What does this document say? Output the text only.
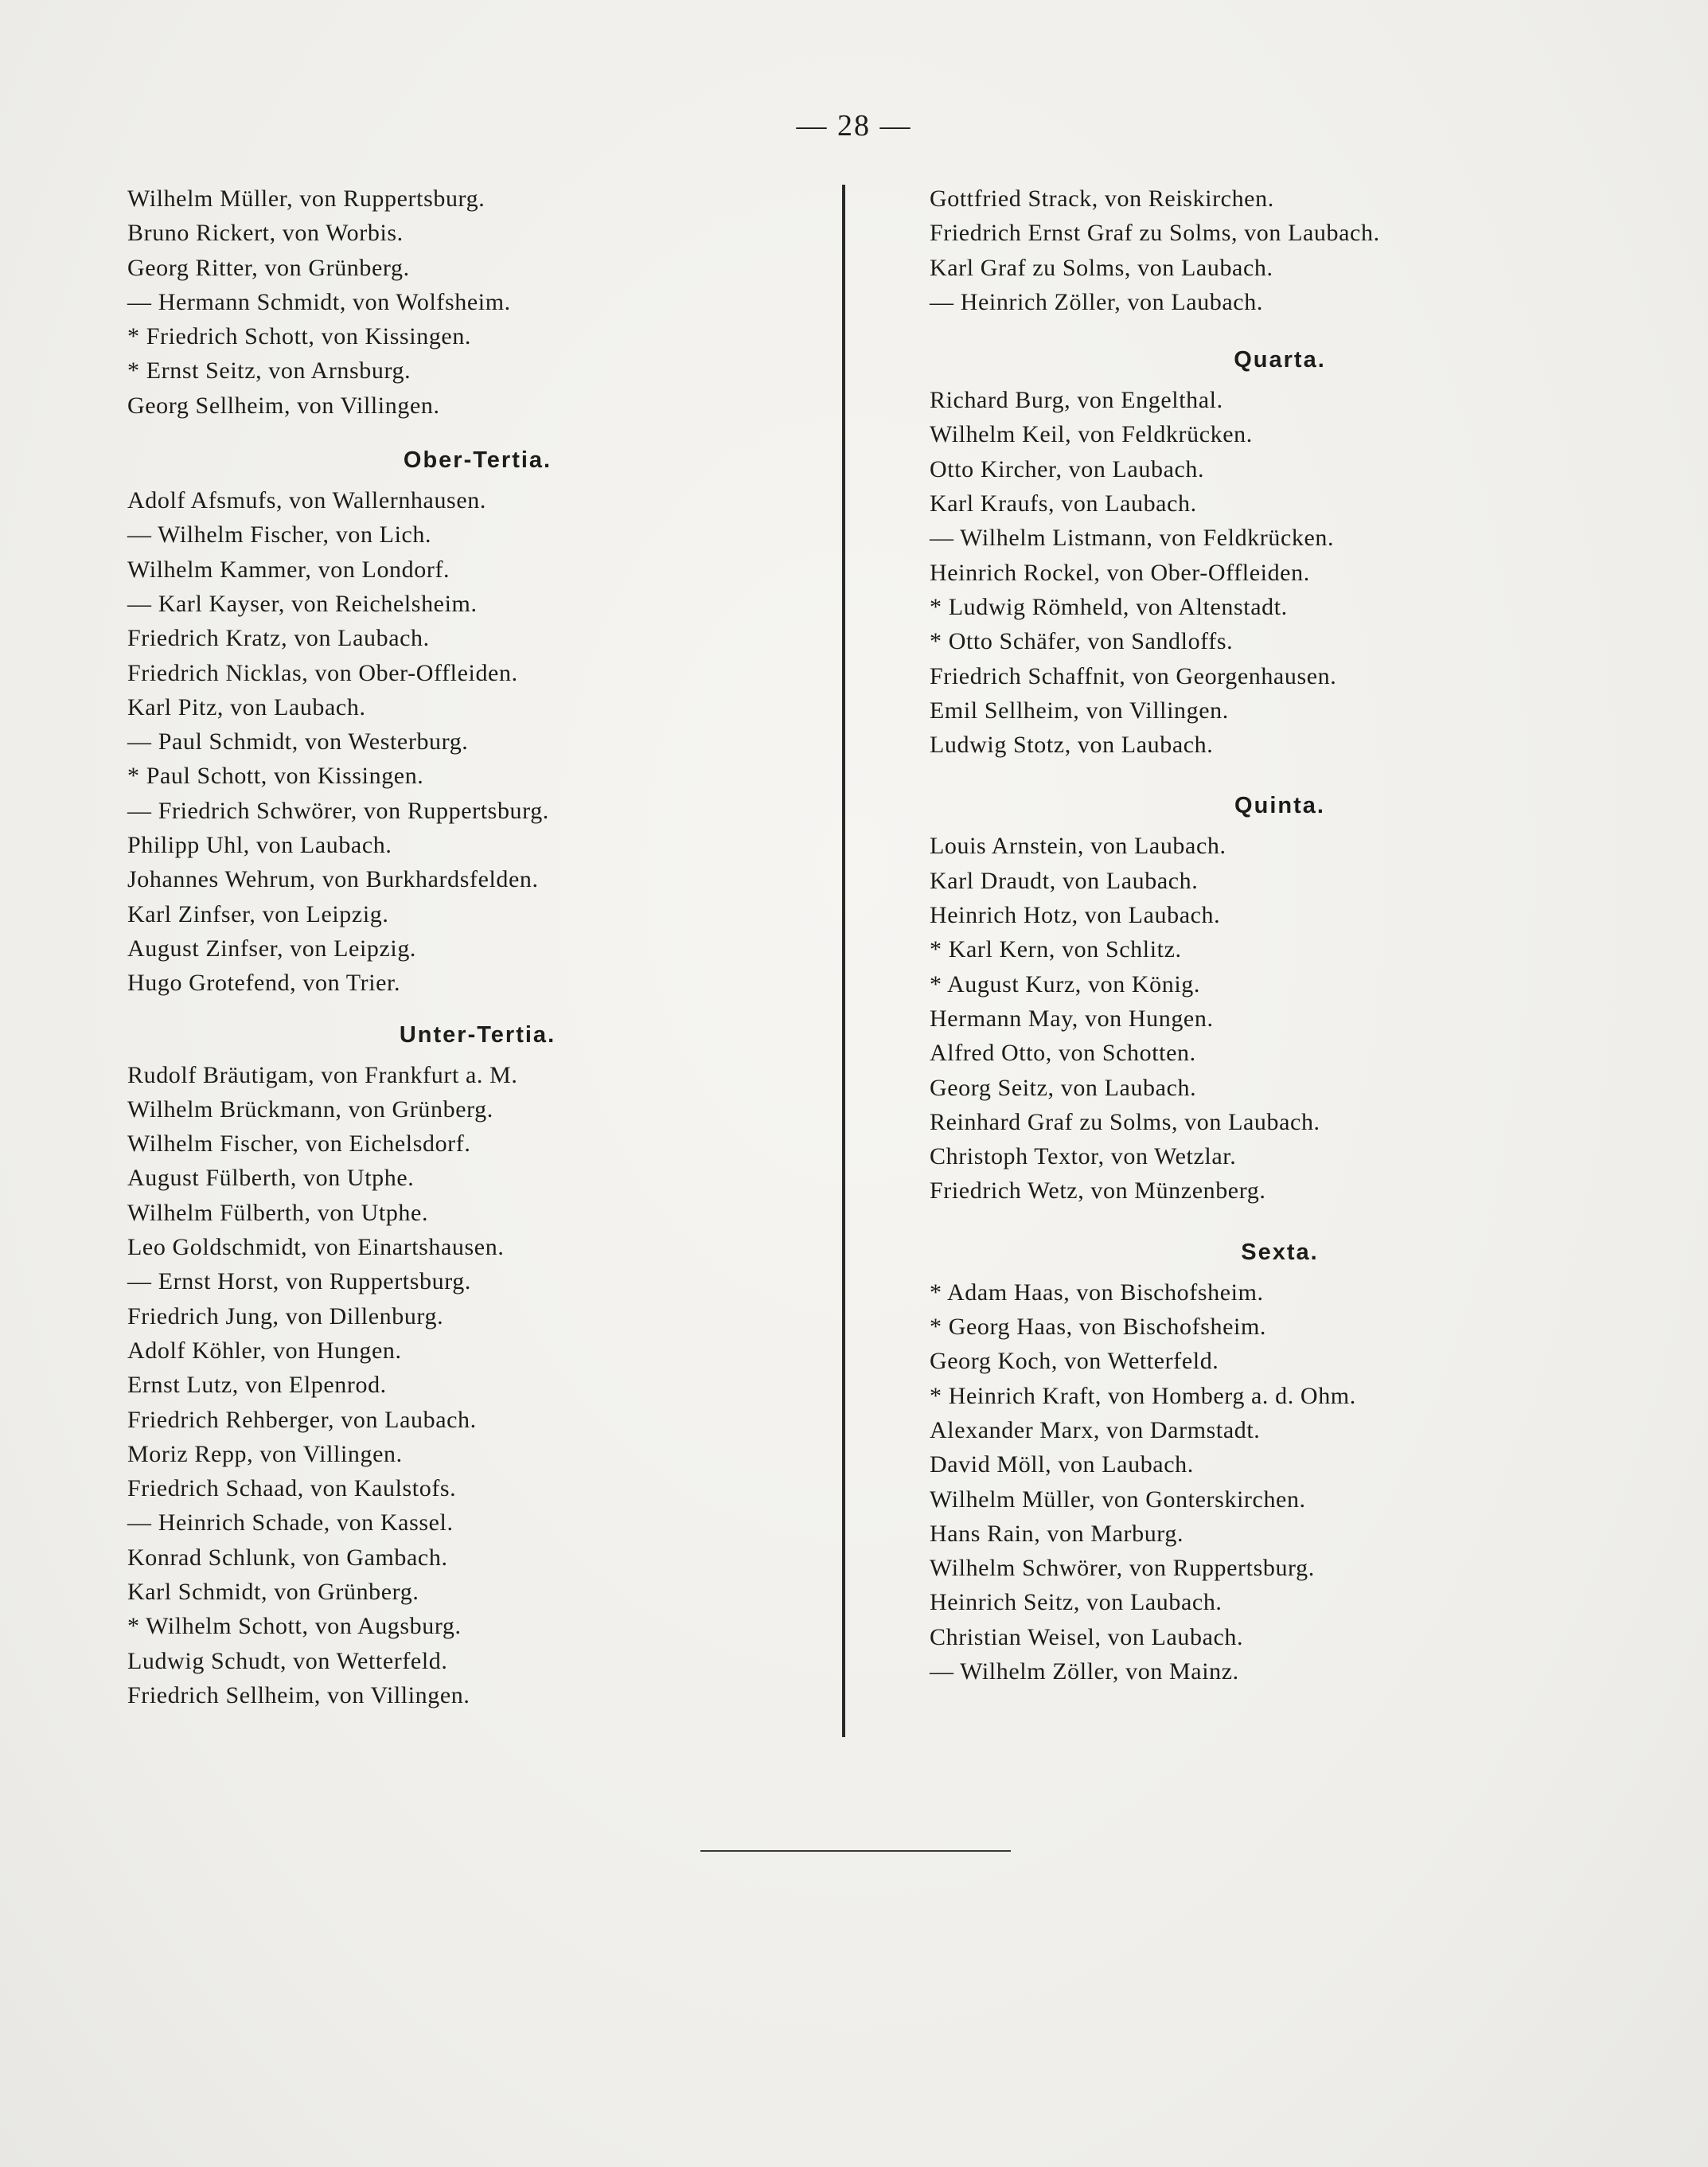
— 28 —
Wilhelm Müller, von Ruppertsburg.
Bruno Rickert, von Worbis.
Georg Ritter, von Grünberg.
— Hermann Schmidt, von Wolfsheim.
* Friedrich Schott, von Kissingen.
* Ernst Seitz, von Arnsburg.
Georg Sellheim, von Villingen.
Ober-Tertia.
Adolf Afsmufs, von Wallernhausen.
— Wilhelm Fischer, von Lich.
Wilhelm Kammer, von Londorf.
— Karl Kayser, von Reichelsheim.
Friedrich Kratz, von Laubach.
Friedrich Nicklas, von Ober-Offleiden.
Karl Pitz, von Laubach.
— Paul Schmidt, von Westerburg.
* Paul Schott, von Kissingen.
— Friedrich Schwörer, von Ruppertsburg.
Philipp Uhl, von Laubach.
Johannes Wehrum, von Burkhardsfelden.
Karl Zinfser, von Leipzig.
August Zinfser, von Leipzig.
Hugo Grotefend, von Trier.
Unter-Tertia.
Rudolf Bräutigam, von Frankfurt a. M.
Wilhelm Brückmann, von Grünberg.
Wilhelm Fischer, von Eichelsdorf.
August Fülberth, von Utphe.
Wilhelm Fülberth, von Utphe.
Leo Goldschmidt, von Einartshausen.
— Ernst Horst, von Ruppertsburg.
Friedrich Jung, von Dillenburg.
Adolf Köhler, von Hungen.
Ernst Lutz, von Elpenrod.
Friedrich Rehberger, von Laubach.
Moriz Repp, von Villingen.
Friedrich Schaad, von Kaulstofs.
— Heinrich Schade, von Kassel.
Konrad Schlunk, von Gambach.
Karl Schmidt, von Grünberg.
* Wilhelm Schott, von Augsburg.
Ludwig Schudt, von Wetterfeld.
Friedrich Sellheim, von Villingen.
Gottfried Strack, von Reiskirchen.
Friedrich Ernst Graf zu Solms, von Laubach.
Karl Graf zu Solms, von Laubach.
— Heinrich Zöller, von Laubach.
Quarta.
Richard Burg, von Engelthal.
Wilhelm Keil, von Feldkrücken.
Otto Kircher, von Laubach.
Karl Kraufs, von Laubach.
— Wilhelm Listmann, von Feldkrücken.
Heinrich Rockel, von Ober-Offleiden.
* Ludwig Römheld, von Altenstadt.
* Otto Schäfer, von Sandloffs.
Friedrich Schaffnit, von Georgenhausen.
Emil Sellheim, von Villingen.
Ludwig Stotz, von Laubach.
Quinta.
Louis Arnstein, von Laubach.
Karl Draudt, von Laubach.
Heinrich Hotz, von Laubach.
* Karl Kern, von Schlitz.
* August Kurz, von König.
Hermann May, von Hungen.
Alfred Otto, von Schotten.
Georg Seitz, von Laubach.
Reinhard Graf zu Solms, von Laubach.
Christoph Textor, von Wetzlar.
Friedrich Wetz, von Münzenberg.
Sexta.
* Adam Haas, von Bischofsheim.
* Georg Haas, von Bischofsheim.
Georg Koch, von Wetterfeld.
* Heinrich Kraft, von Homberg a. d. Ohm.
Alexander Marx, von Darmstadt.
David Möll, von Laubach.
Wilhelm Müller, von Gonterskirchen.
Hans Rain, von Marburg.
Wilhelm Schwörer, von Ruppertsburg.
Heinrich Seitz, von Laubach.
Christian Weisel, von Laubach.
— Wilhelm Zöller, von Mainz.
